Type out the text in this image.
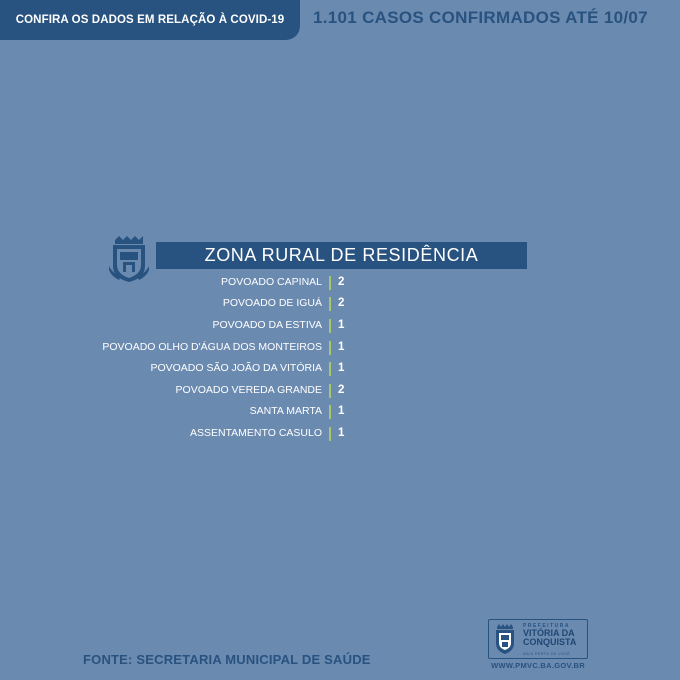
CONFIRA OS DADOS EM RELAÇÃO À COVID-19 1.101 CASOS CONFIRMADOS ATÉ 10/07
ZONA RURAL DE RESIDÊNCIA
POVOADO CAPINAL 2
POVOADO DE IGUÁ 2
POVOADO DA ESTIVA 1
POVOADO OLHO D'ÁGUA DOS MONTEIROS 1
POVOADO SÃO JOÃO DA VITÓRIA 1
POVOADO VEREDA GRANDE 2
SANTA MARTA 1
ASSENTAMENTO CASULO 1
FONTE: SECRETARIA MUNICIPAL DE SAÚDE
PREFEITURA
VITÓRIA DA
CONQUISTA
MAIS PERTO DE VOCÊ
WWW.PMVC.BA.GOV.BR
